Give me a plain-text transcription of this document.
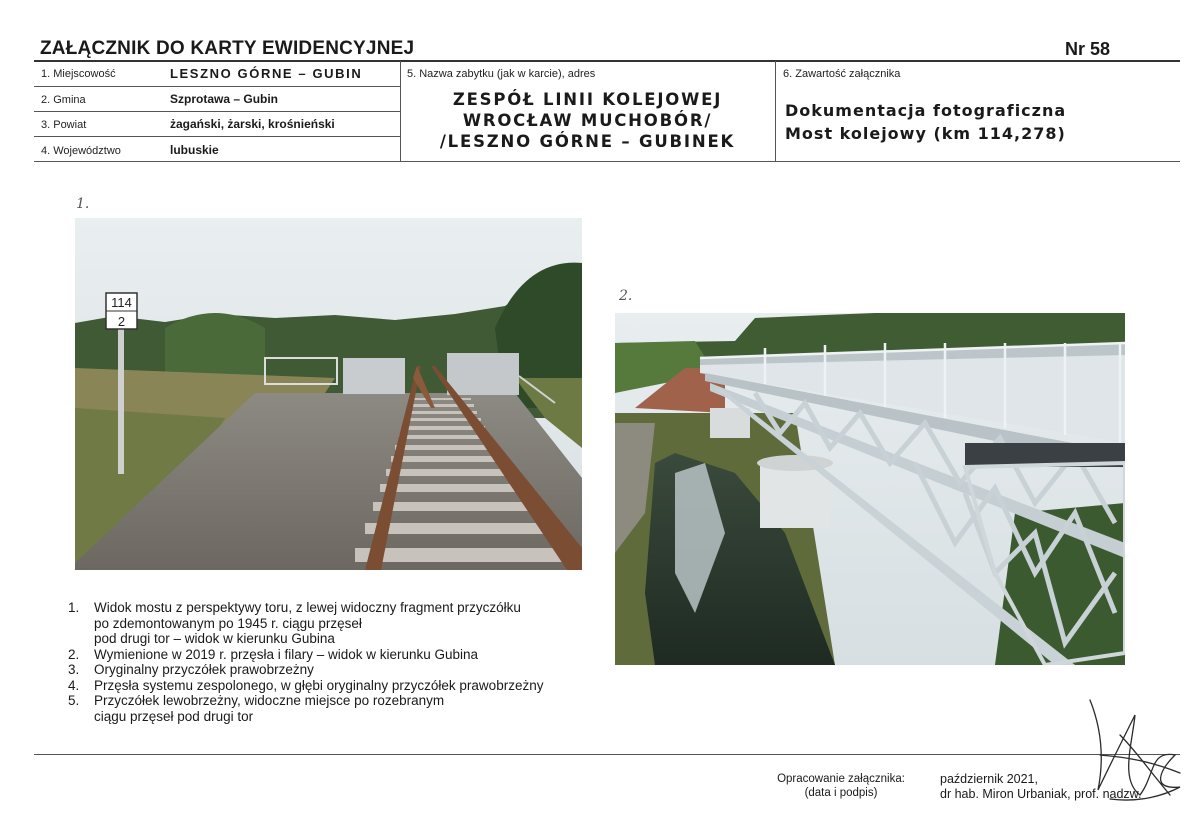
ZAŁĄCZNIK DO KARTY EWIDENCYJNEJ	Nr 58
1. Miejscowość	LESZNO GÓRNE – GUBIN
2. Gmina	Szprotawa – Gubin
3. Powiat	żagański, żarski, krośnieński
4. Województwo	lubuskie
5. Nazwa zabytku (jak w karcie), adres
ZESPÓŁ LINII KOLEJOWEJ
WROCŁAW MUCHOBÓR/
/LESZNO GÓRNE – GUBINEK
6. Zawartość załącznika
Dokumentacja fotograficzna
Most kolejowy (km 114,278)
1.
2.
114
2
1.	Widok mostu z perspektywy toru, z lewej widoczny fragment przyczółku
po zdemontowanym po 1945 r. ciągu przęseł
pod drugi tor – widok w kierunku Gubina
2.	Wymienione w 2019 r. przęsła i filary – widok w kierunku Gubina
3.	Oryginalny przyczółek prawobrzeżny
4.	Przęsła systemu zespolonego, w głębi oryginalny przyczółek prawobrzeżny
5.	Przyczółek lewobrzeżny, widoczne miejsce po rozebranym
ciągu przęseł pod drugi tor
Opracowanie załącznika:
(data i podpis)
październik 2021,
dr hab. Miron Urbaniak, prof. nadzw.
